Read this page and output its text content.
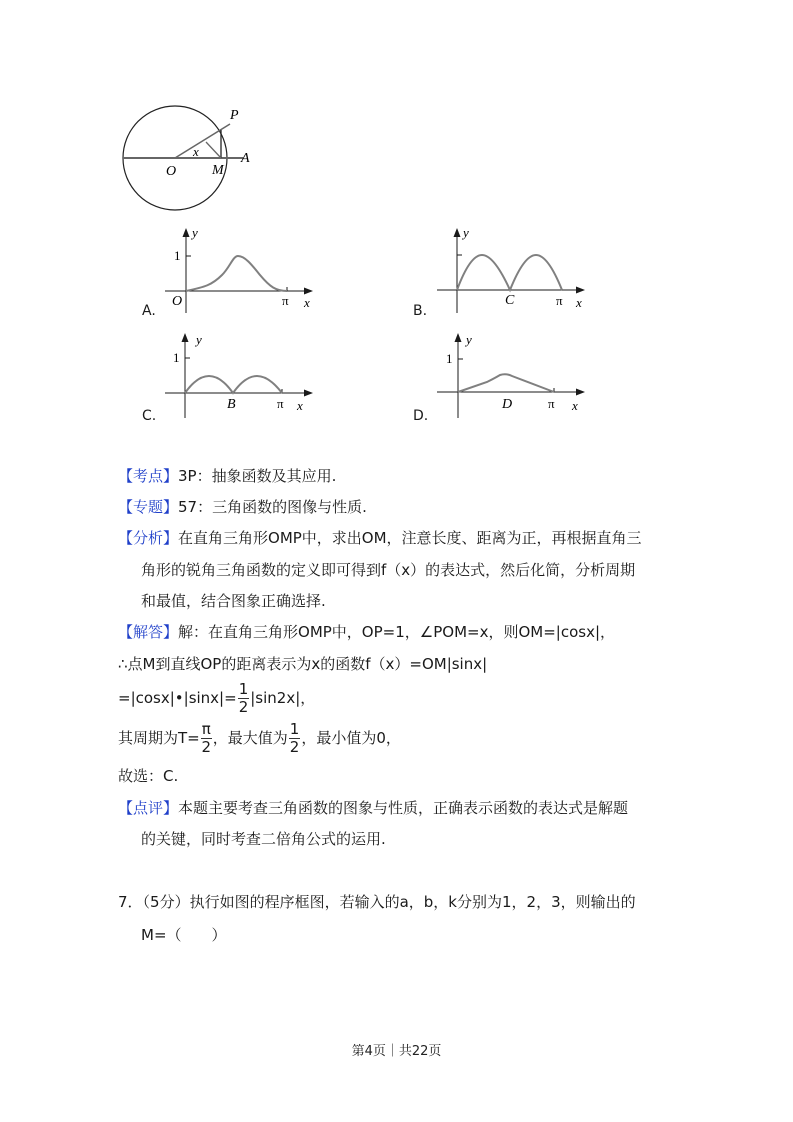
P
x
O	M
A
A.
y
1
O	π x
B.
y
C	π x
C.
y
1
B	π x
D.
y
1
D	π x
【考点】3P：抽象函数及其应用.
【专题】57：三角函数的图像与性质.
【分析】在直角三角形OMP中，求出OM，注意长度、距离为正，再根据直角三
角形的锐角三角函数的定义即可得到f（x）的表达式，然后化简，分析周期
和最值，结合图象正确选择.
【解答】解：在直角三角形OMP中，OP=1，∠POM=x，则OM=|cosx|，
∴点M到直线OP的距离表示为x的函数f（x）=OM|sinx|
=|cosx|•|sinx|= $\frac{1}{2} |\sin 2x|$，
其周期为$T= \frac{\pi}{2}$ ，最大值为 $\frac{1}{2}$ ，最小值为0，
故选：C.
【点评】本题主要考查三角函数的图象与性质，正确表示函数的表达式是解题
的关键，同时考查二倍角公式的运用.
7．（5分）执行如图的程序框图，若输入的a，b，k分别为1，2，3，则输出的
M=（　　）
第4页｜共22页
